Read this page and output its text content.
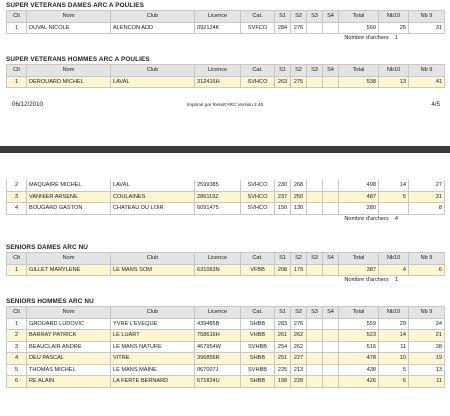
SUPER VETERANS DAMES ARC A POULIES
Clt	Nom	Club	Licence	Cat.	S1	S2	S3	S4	Total	Nb10	Nb 9
1	DUVAL NICOLE	ALENCON ADD	092124K	SVFCO	284	276			560	25	31
Nombre d'archers 1
SUPER VETERANS HOMMES ARC A POULIES
Clt	Nom	Club	Licence	Cat.	S1	S2	S3	S4	Total	Nb10	Nb 9
1	DEROUARD MICHEL	LAVAL	312416H	SVHCO	263	275			538	13	41
06/12/2010	Imprimé par Result'ARC Version 2.46	4/5
2	MAQUAIRE MICHEL	LAVAL	2599385	SVHCO	230	268			498	14	27
3	VANNIER ARSENE	COULAINES	286119Z	SVHCO	237	250			487	5	31
4	BOUGARD GASTON	CHATEAU DU LOIR	6091475	SVHCO	150	130			280		8
Nombre d'archers 4
SENIORS DAMES ARC NU
Clt	Nom	Club	Licence	Cat.	S1	S2	S3	S4	Total	Nb10	Nb 9
1	GILLET MARYLENE	LE MANS SOM	631063N	VFBB	208	179			387	4	6
Nombre d'archers 1
SENIORS HOMMES ARC NU
Clt	Nom	Club	Licence	Cat.	S1	S2	S3	S4	Total	Nb10	Nb 9
1	GROUARD LUDOVIC	YVRE L'EVEQUE	439485B	SHBB	283	276			559	29	24
2	BARRAY PATRICK	LE LUART	758616H	VHBB	261	262			523	14	21
3	BEAUCLAIR ANDRE	LE MANS NATURE	467954W	SVHBB	254	262			516	11	28
4	DEU PASCAL	VITRE	396856R	SHBB	251	227			478	10	19
5	THOMAS MICHEL	LE MANS MAINE	067007J	SVHBB	225	213			438	5	13
6	RE ALAIN	LA FERTE BERNARD	671824U	SHBB	198	228			426	6	11
